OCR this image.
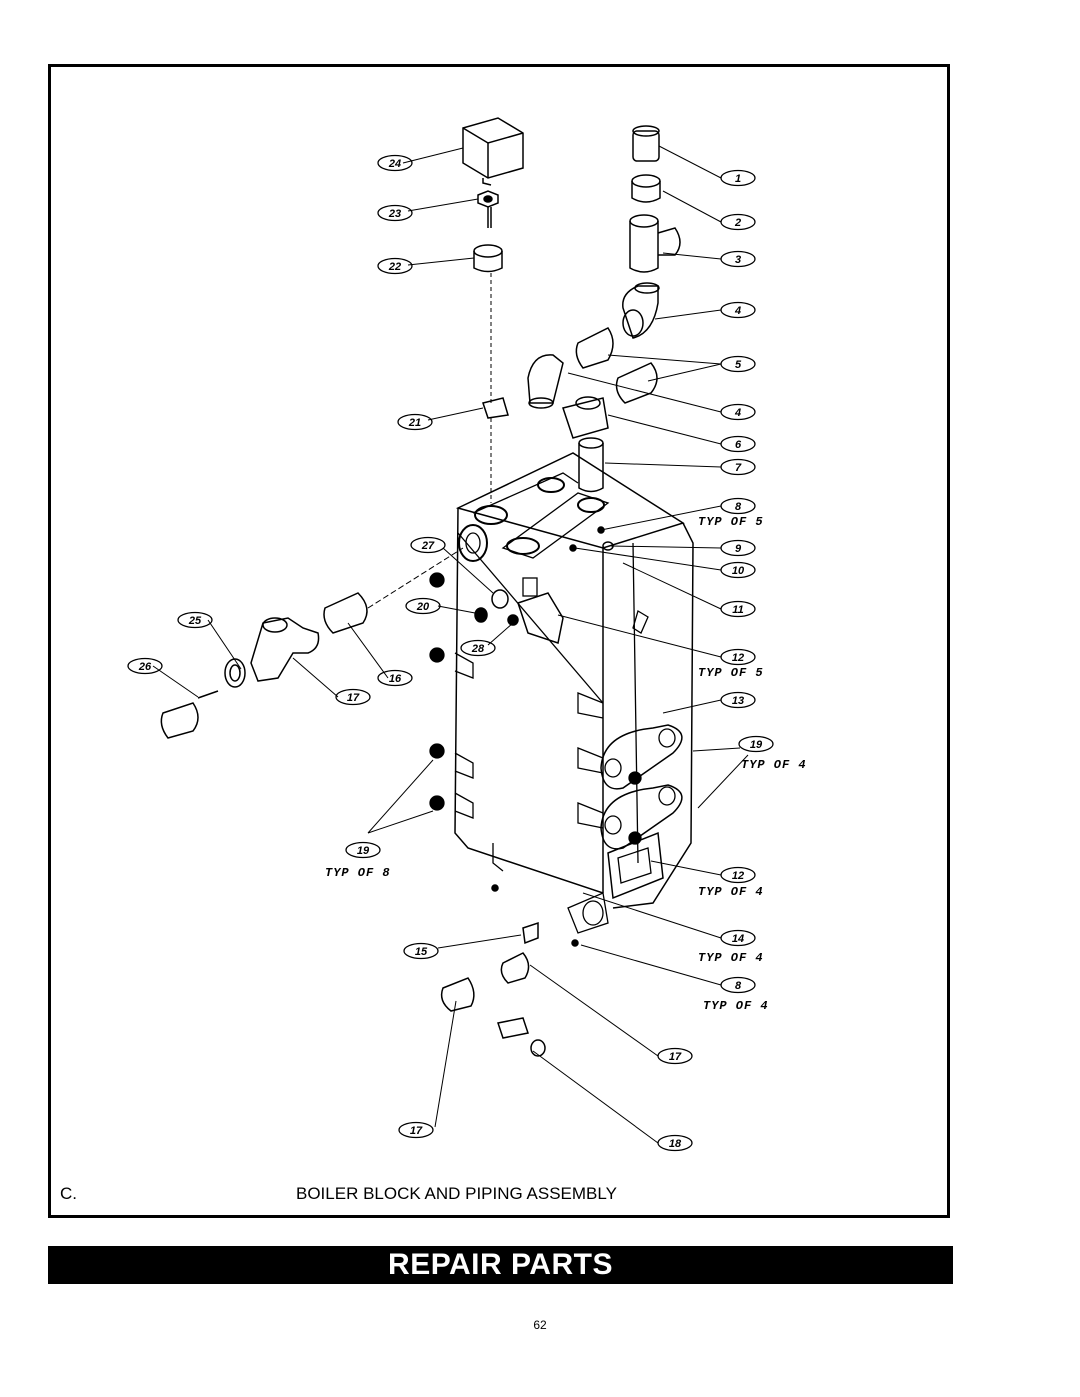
1
2
3
4
5
4
6
7
8
9
10
11
12
13
19
12
14
8
17
18
17
15
19
24
23
22
21
27
20
28
25
26
16
17
TYP OF 5
TYP OF 5
TYP OF 4
TYP OF 8
TYP OF 4
TYP OF 4
TYP OF 4
C.	BOILER BLOCK AND PIPING ASSEMBLY
REPAIR PARTS
62
